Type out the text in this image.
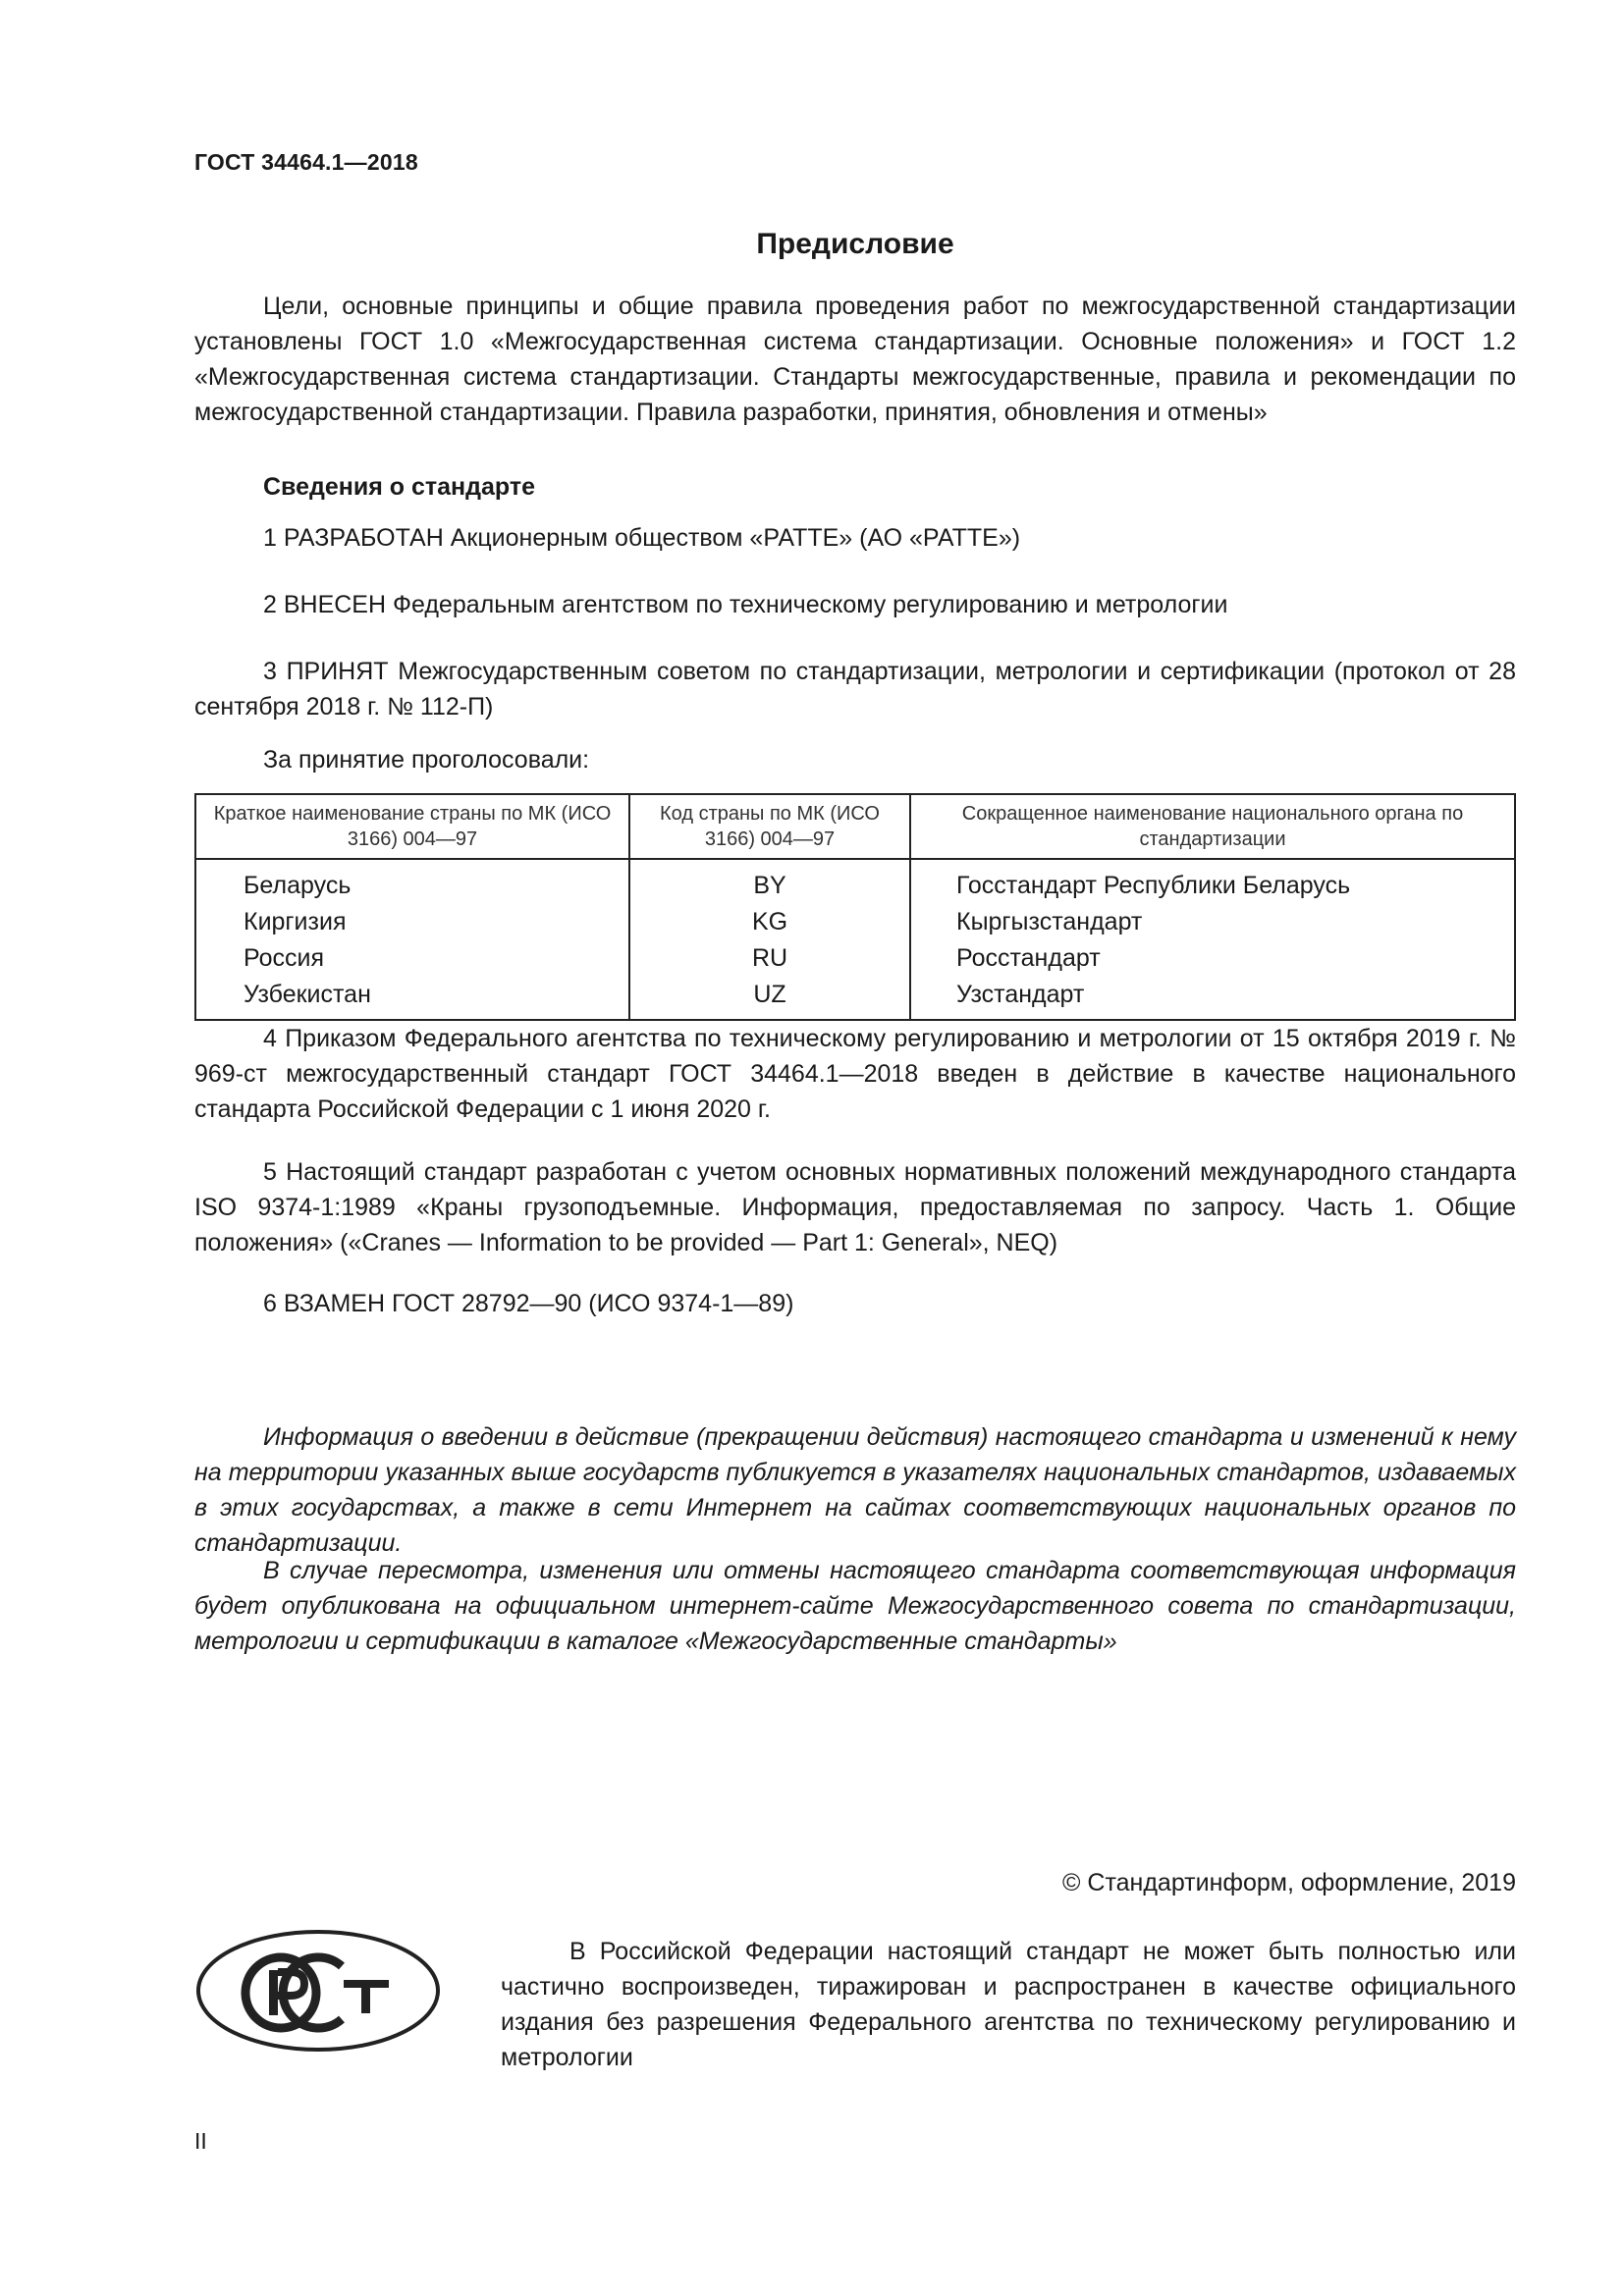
ГОСТ 34464.1—2018
Предисловие
Цели, основные принципы и общие правила проведения работ по межгосударственной стандартизации установлены ГОСТ 1.0 «Межгосударственная система стандартизации. Основные положения» и ГОСТ 1.2 «Межгосударственная система стандартизации. Стандарты межгосударственные, правила и рекомендации по межгосударственной стандартизации. Правила разработки, принятия, обновления и отмены»
Сведения о стандарте
1 РАЗРАБОТАН Акционерным обществом «РАТТЕ» (АО «РАТТЕ»)
2 ВНЕСЕН Федеральным агентством по техническому регулированию и метрологии
3 ПРИНЯТ Межгосударственным советом по стандартизации, метрологии и сертификации (протокол от 28 сентября 2018 г. № 112-П)
За принятие проголосовали:
Краткое наименование страны по МК (ИСО 3166) 004—97	Код страны по МК (ИСО 3166) 004—97	Сокращенное наименование национального органа по стандартизации
Беларусь	BY	Госстандарт Республики Беларусь
Киргизия	KG	Кыргызстандарт
Россия	RU	Росстандарт
Узбекистан	UZ	Узстандарт
4 Приказом Федерального агентства по техническому регулированию и метрологии от 15 октября 2019 г. № 969-ст межгосударственный стандарт ГОСТ 34464.1—2018 введен в действие в качестве национального стандарта Российской Федерации с 1 июня 2020 г.
5 Настоящий стандарт разработан с учетом основных нормативных положений международного стандарта ISO 9374-1:1989 «Краны грузоподъемные. Информация, предоставляемая по запросу. Часть 1. Общие положения» («Cranes — Information to be provided — Part 1: General», NEQ)
6 ВЗАМЕН ГОСТ 28792—90 (ИСО 9374-1—89)
Информация о введении в действие (прекращении действия) настоящего стандарта и изменений к нему на территории указанных выше государств публикуется в указателях национальных стандартов, издаваемых в этих государствах, а также в сети Интернет на сайтах соответствующих национальных органов по стандартизации.
В случае пересмотра, изменения или отмены настоящего стандарта соответствующая информация будет опубликована на официальном интернет-сайте Межгосударственного совета по стандартизации, метрологии и сертификации в каталоге «Межгосударственные стандарты»
© Стандартинформ, оформление, 2019
В Российской Федерации настоящий стандарт не может быть полностью или частично воспроизведен, тиражирован и распространен в качестве официального издания без разрешения Федерального агентства по техническому регулированию и метрологии
II
